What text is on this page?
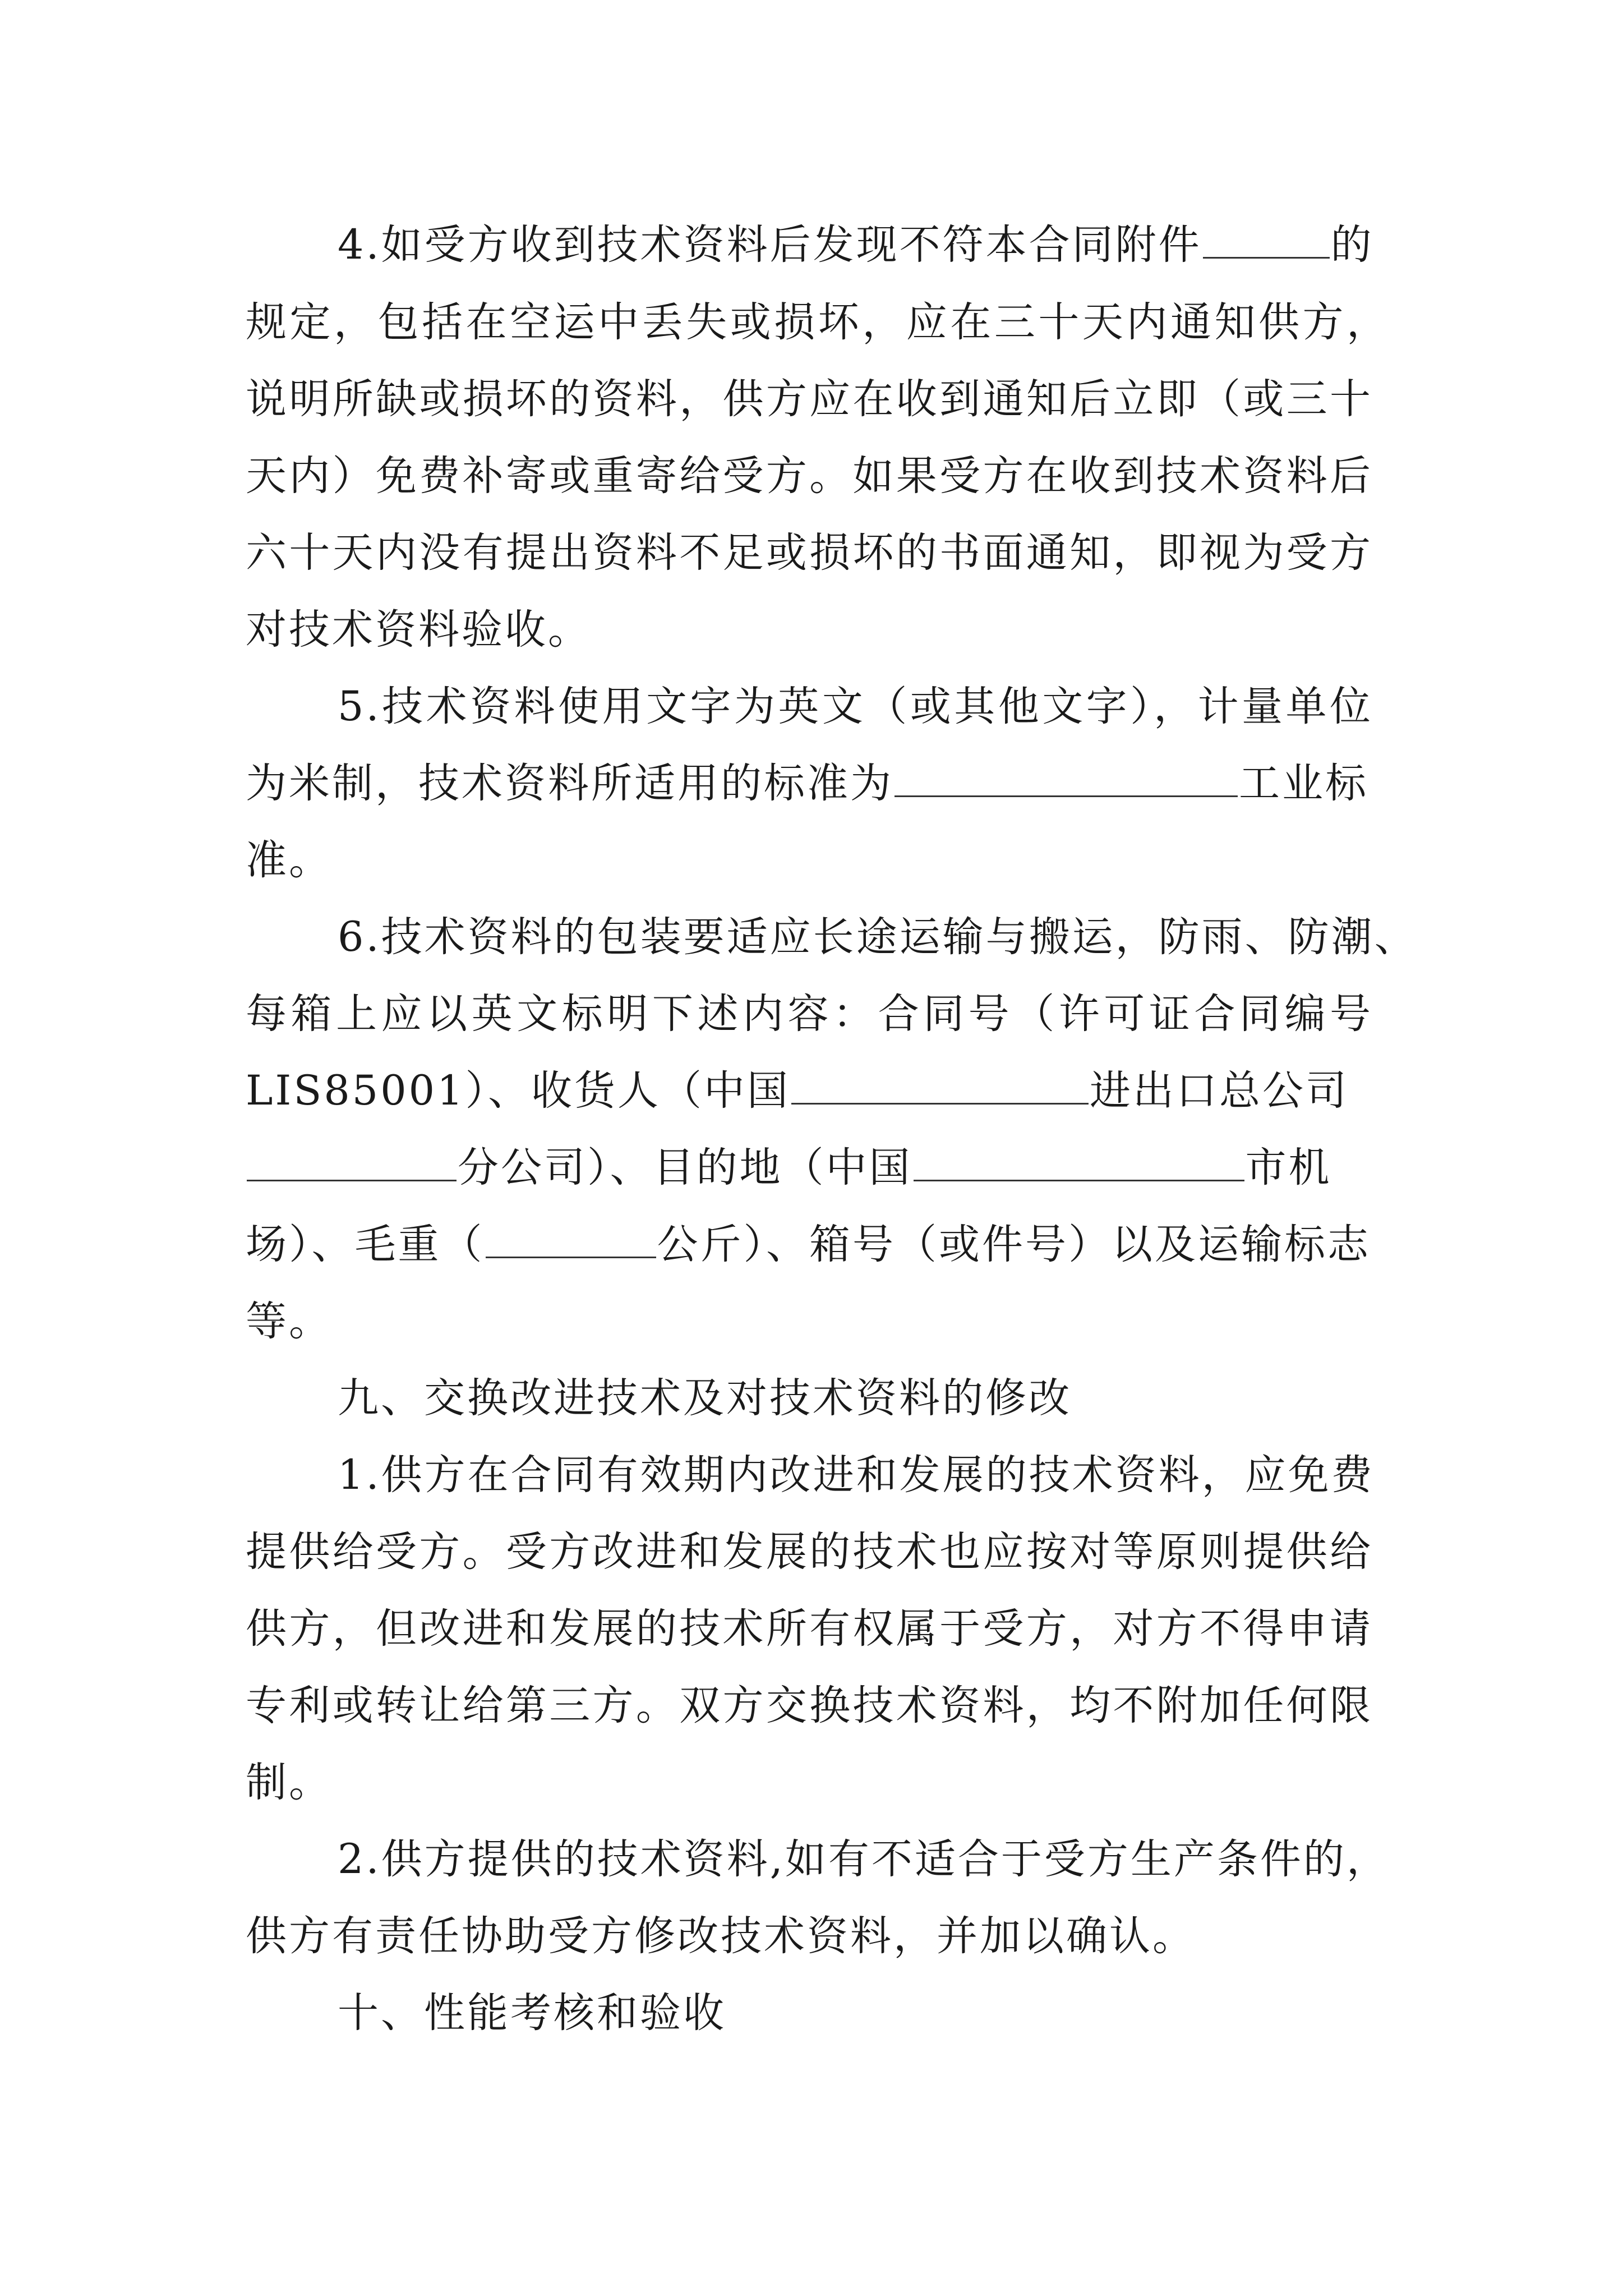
4.如受方收到技术资料后发现不符本合同附件	的
规定，包括在空运中丢失或损坏，应在三十天内通知供方，
说明所缺或损坏的资料，供方应在收到通知后立即（或三十
天内）免费补寄或重寄给受方。如果受方在收到技术资料后
六十天内没有提出资料不足或损坏的书面通知，即视为受方
对技术资料验收。
5.技术资料使用文字为英文（或其他文字），计量单位
为米制，技术资料所适用的标准为	工业标
准。
6.技术资料的包装要适应长途运输与搬运，防雨、防潮、
每箱上应以英文标明下述内容：合同号（许可证合同编号
LIS85001）、收货人（中国	进出口总公司
分公司）、目的地（中国	市机
场）、毛重（	公斤）、箱号（或件号）以及运输标志
等。
九、交换改进技术及对技术资料的修改
1.供方在合同有效期内改进和发展的技术资料，应免费
提供给受方。受方改进和发展的技术也应按对等原则提供给
供方，但改进和发展的技术所有权属于受方，对方不得申请
专利或转让给第三方。双方交换技术资料，均不附加任何限
制。
2.供方提供的技术资料,如有不适合于受方生产条件的，
供方有责任协助受方修改技术资料，并加以确认。
十、性能考核和验收
